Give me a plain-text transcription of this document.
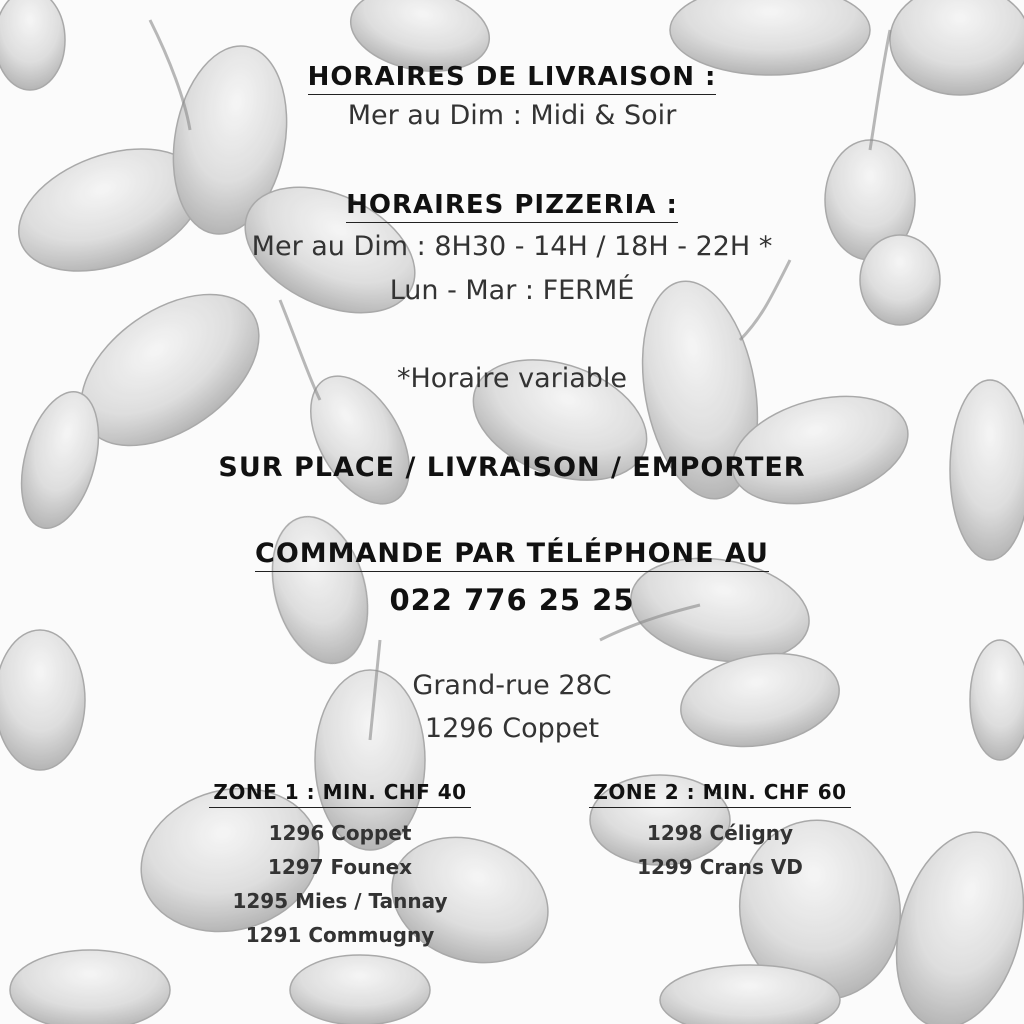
HORAIRES DE LIVRAISON :
Mer au Dim : Midi & Soir
HORAIRES PIZZERIA :
Mer au Dim : 8H30 - 14H / 18H - 22H *
Lun - Mar : FERMÉ
*Horaire variable
SUR PLACE / LIVRAISON / EMPORTER
COMMANDE PAR TÉLÉPHONE AU
022 776 25 25
Grand-rue 28C
1296 Coppet
ZONE 1 : MIN. CHF 40
1296 Coppet
1297 Founex
1295 Mies / Tannay
1291 Commugny
ZONE 2 : MIN. CHF 60
1298 Céligny
1299 Crans VD
